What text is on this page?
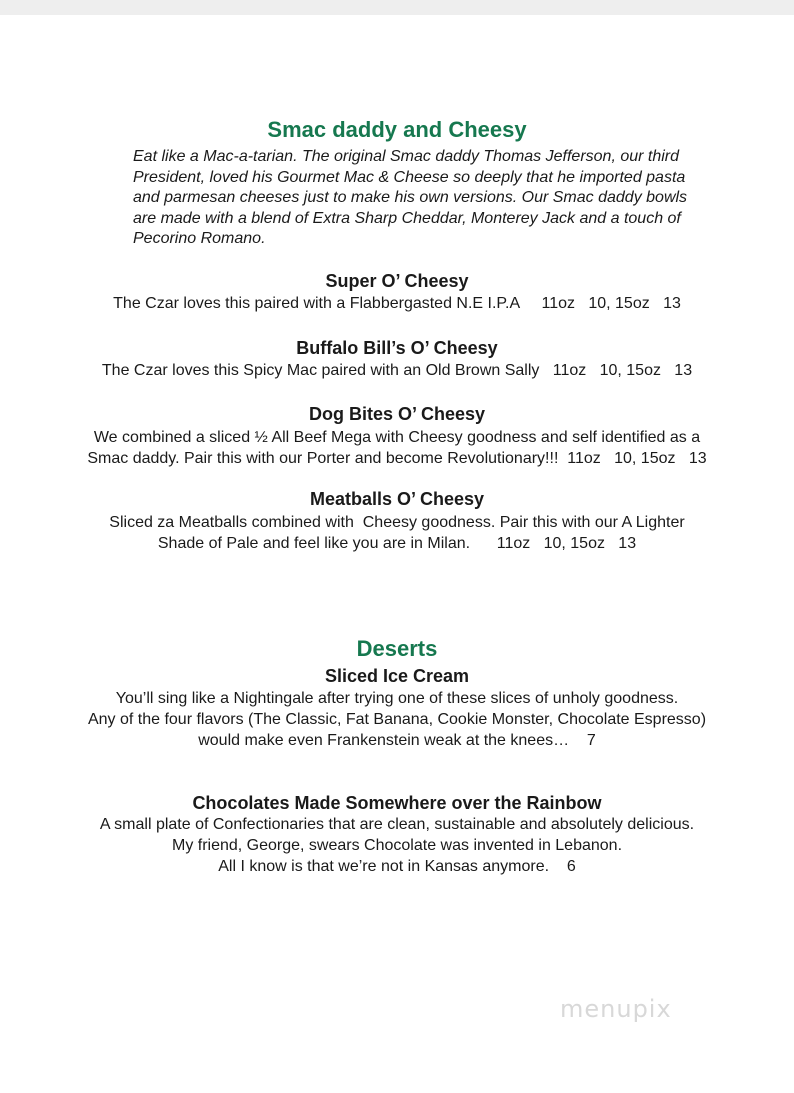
Smac daddy and Cheesy

Eat like a Mac-a-tarian. The original Smac daddy Thomas Jefferson, our third
President, loved his Gourmet Mac & Cheese so deeply that he imported pasta
and parmesan cheeses just to make his own versions. Our Smac daddy bowls
are made with a blend of Extra Sharp Cheddar, Monterey Jack and a touch of
Pecorino Romano.

Super O’ Cheesy

The Czar loves this paired with a Flabbergasted N.E I.P.A     11oz   10, 15oz   13

Buffalo Bill’s O’ Cheesy

The Czar loves this Spicy Mac paired with an Old Brown Sally   11oz   10, 15oz   13

Dog Bites O’ Cheesy

We combined a sliced ½ All Beef Mega with Cheesy goodness and self identified as a
Smac daddy. Pair this with our Porter and become Revolutionary!!!  11oz   10, 15oz   13

Meatballs O’ Cheesy

Sliced za Meatballs combined with  Cheesy goodness. Pair this with our A Lighter
Shade of Pale and feel like you are in Milan.      11oz   10, 15oz   13

Deserts
Sliced Ice Cream

You’ll sing like a Nightingale after trying one of these slices of unholy goodness.
Any of the four flavors (The Classic, Fat Banana, Cookie Monster, Chocolate Espresso)
would make even Frankenstein weak at the knees…    7

Chocolates Made Somewhere over the Rainbow

A small plate of Confectionaries that are clean, sustainable and absolutely delicious.
My friend, George, swears Chocolate was invented in Lebanon.
All I know is that we’re not in Kansas anymore.    6

menupix
